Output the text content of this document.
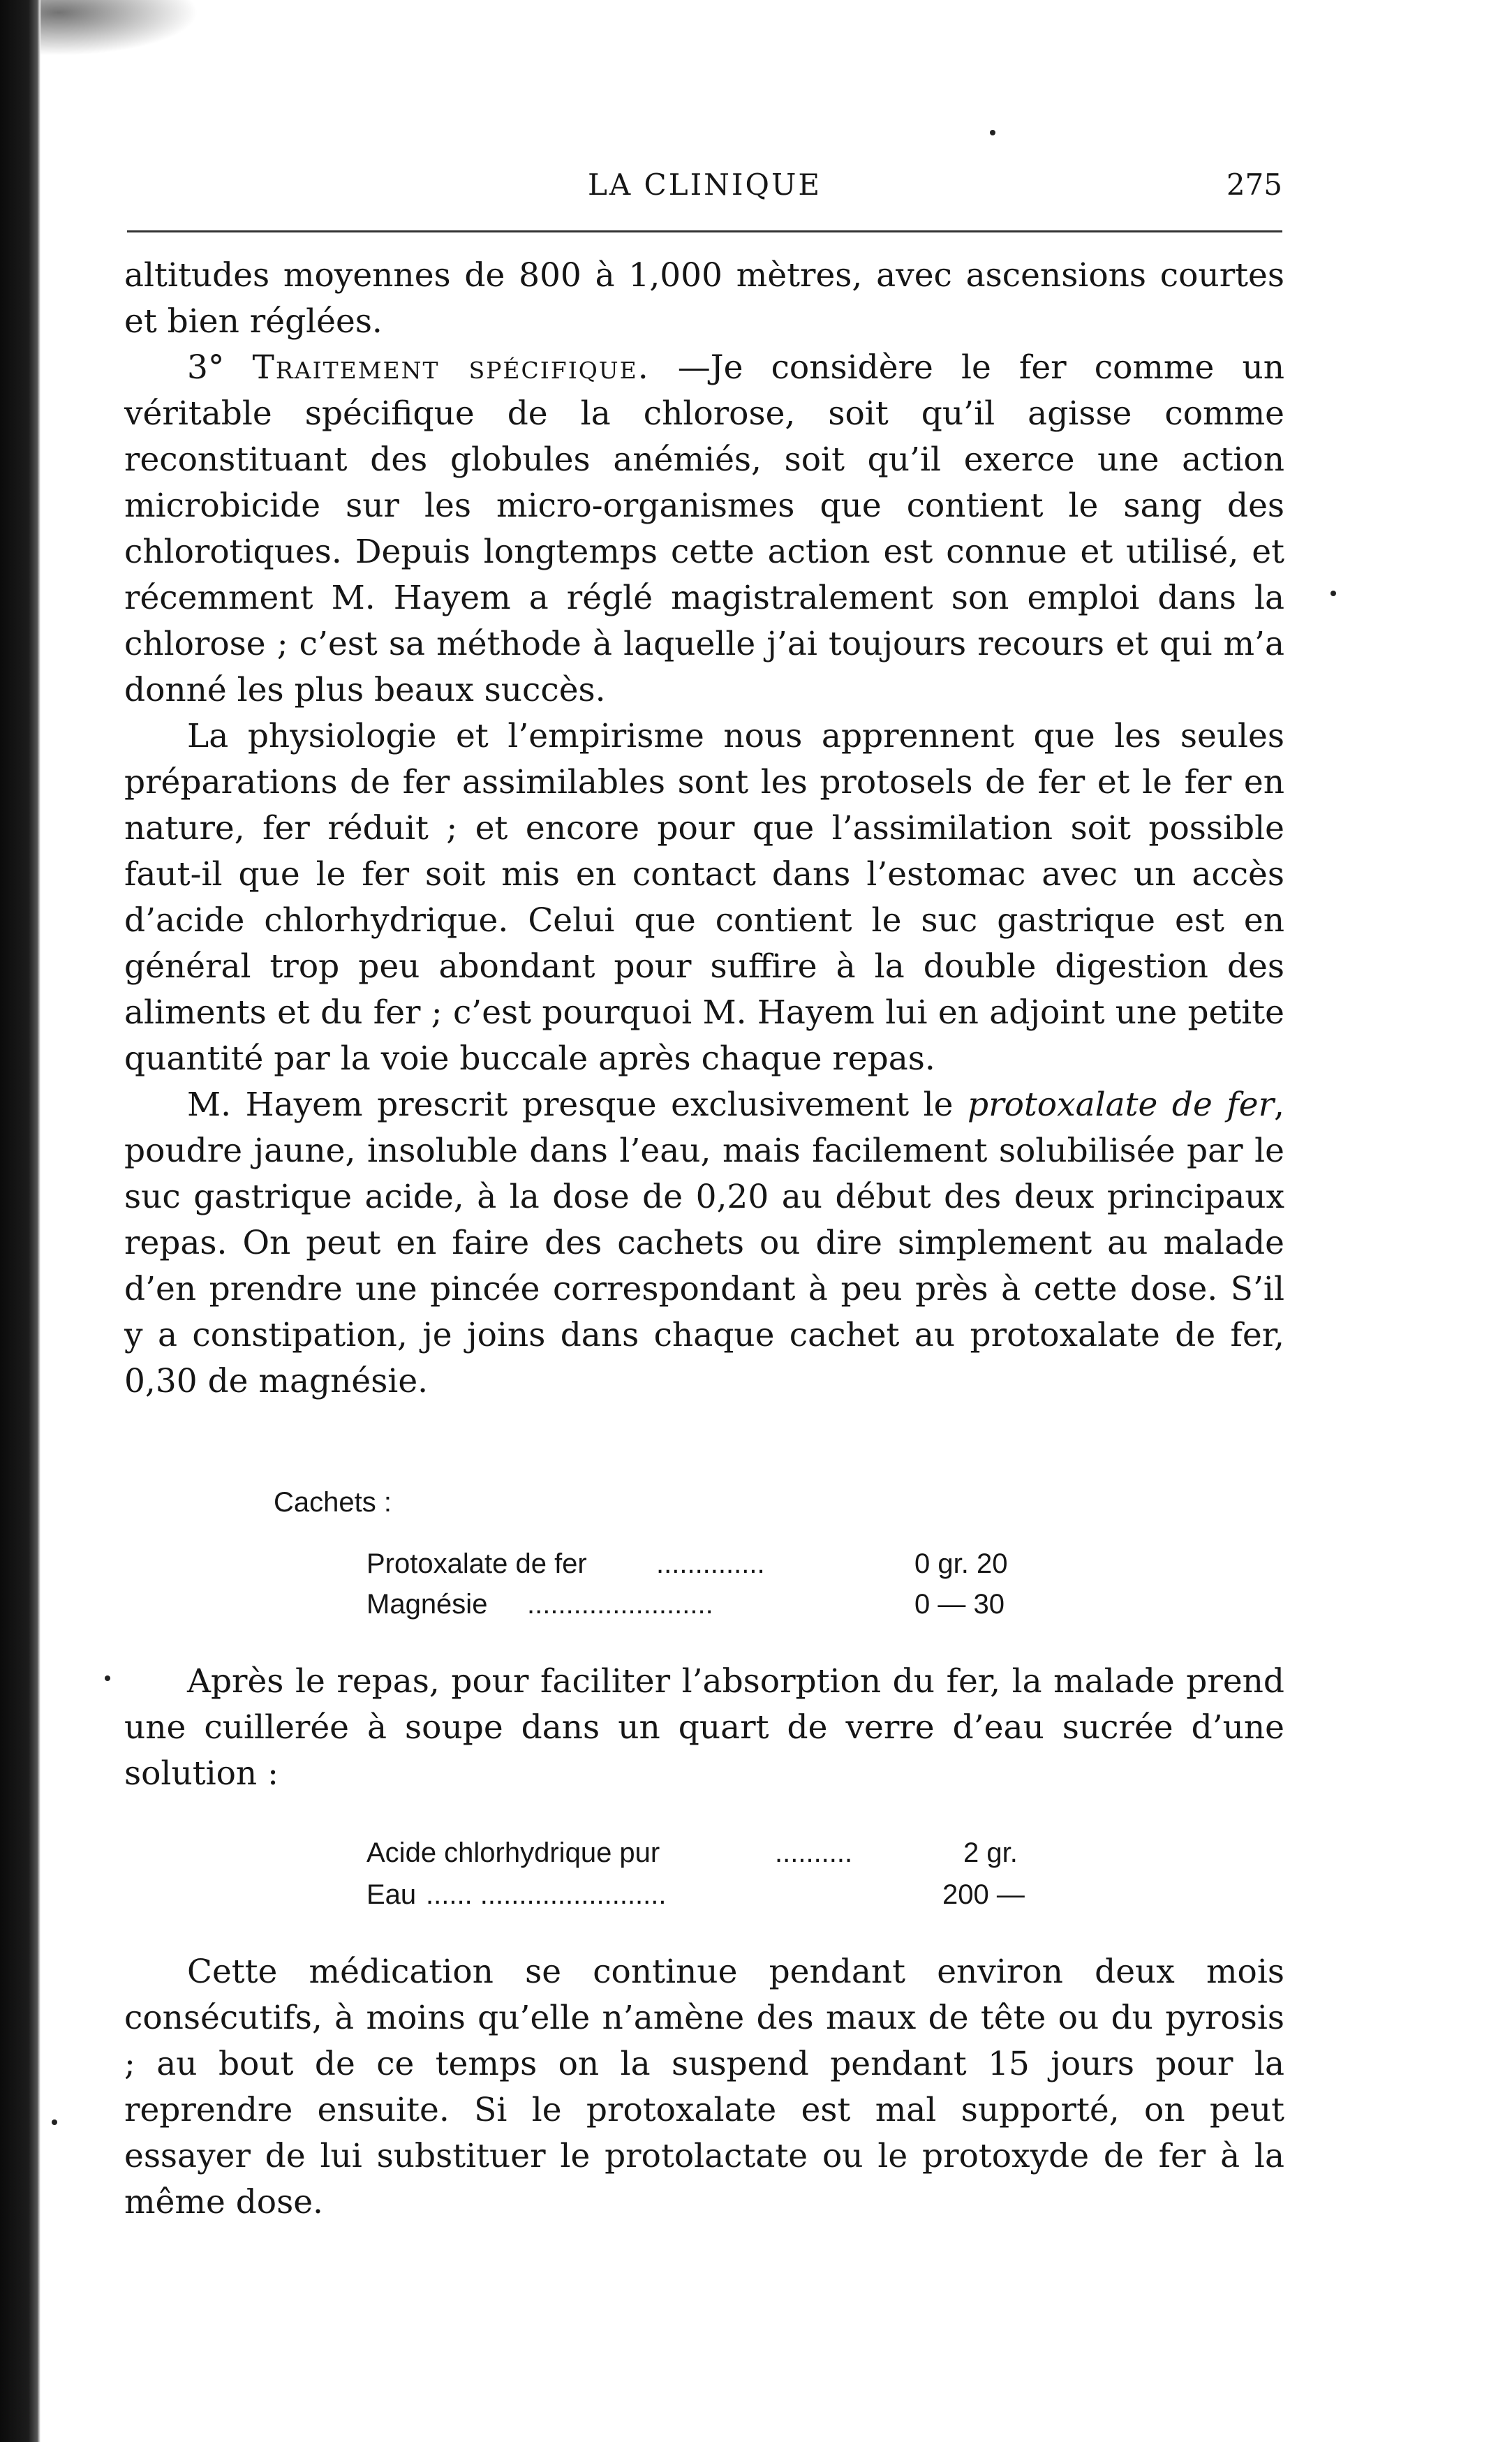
LA CLINIQUE	275

altitudes moyennes de 800 à 1,000 mètres, avec ascensions courtes et bien réglées.

3° Traitement spécifique. —Je considère le fer comme un véritable spécifique de la chlorose, soit qu’il agisse comme reconstituant des globules anémiés, soit qu’il exerce une action microbicide sur les micro-organismes que contient le sang des chlorotiques. Depuis longtemps cette action est connue et utilisé, et récemment M. Hayem a réglé magistralement son emploi dans la chlorose ; c’est sa méthode à laquelle j’ai toujours recours et qui m’a donné les plus beaux succès.

La physiologie et l’empirisme nous apprennent que les seules préparations de fer assimilables sont les protosels de fer et le fer en nature, fer réduit ; et encore pour que l’assimilation soit possible faut-il que le fer soit mis en contact dans l’estomac avec un accès d’acide chlorhydrique. Celui que contient le suc gastrique est en général trop peu abondant pour suffire à la double digestion des aliments et du fer ; c’est pourquoi M. Hayem lui en adjoint une petite quantité par la voie buccale après chaque repas.

M. Hayem prescrit presque exclusivement le protoxalate de fer, poudre jaune, insoluble dans l’eau, mais facilement solubilisée par le suc gastrique acide, à la dose de 0,20 au début des deux principaux repas. On peut en faire des cachets ou dire simplement au malade d’en prendre une pincée correspondant à peu près à cette dose. S’il y a constipation, je joins dans chaque cachet au protoxalate de fer, 0,30 de magnésie.

Cachets :
Protoxalate de fer ..............	0 gr. 20
Magnésie ........................	0 — 30

Après le repas, pour faciliter l’absorption du fer, la malade prend une cuillerée à soupe dans un quart de verre d’eau sucrée d’une solution :

Acide chlorhydrique pur	..........	2 gr.
Eau ...... ........................	200 —

Cette médication se continue pendant environ deux mois consécutifs, à moins qu’elle n’amène des maux de tête ou du pyrosis ; au bout de ce temps on la suspend pendant 15 jours pour la reprendre ensuite. Si le protoxalate est mal supporté, on peut essayer de lui substituer le protolactate ou le protoxyde de fer à la même dose.
